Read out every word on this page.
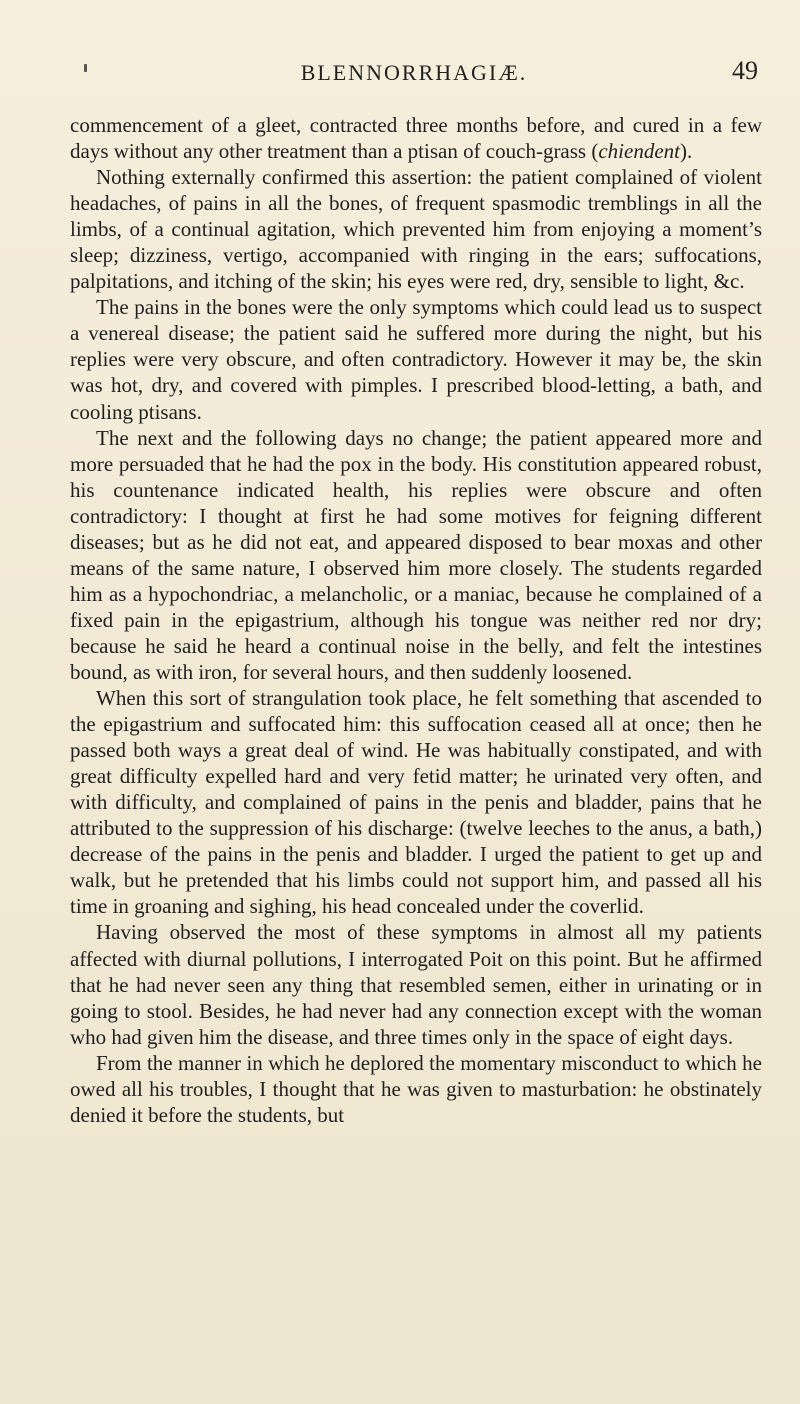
BLENNORRHAGIÆ.	49

commencement of a gleet, contracted three months before, and cured in a few days without any other treatment than a ptisan of couch-grass (chiendent).

Nothing externally confirmed this assertion: the patient complained of violent headaches, of pains in all the bones, of frequent spasmodic tremblings in all the limbs, of a continual agitation, which prevented him from enjoying a moment’s sleep; dizziness, vertigo, accompanied with ringing in the ears; suffocations, palpitations, and itching of the skin; his eyes were red, dry, sensible to light, &c.

The pains in the bones were the only symptoms which could lead us to suspect a venereal disease; the patient said he suffered more during the night, but his replies were very obscure, and often contradictory. However it may be, the skin was hot, dry, and covered with pimples. I prescribed blood-letting, a bath, and cooling ptisans.

The next and the following days no change; the patient appeared more and more persuaded that he had the pox in the body. His constitution appeared robust, his countenance indicated health, his replies were obscure and often contradictory: I thought at first he had some motives for feigning different diseases; but as he did not eat, and appeared disposed to bear moxas and other means of the same nature, I observed him more closely. The students regarded him as a hypochondriac, a melancholic, or a maniac, because he complained of a fixed pain in the epigastrium, although his tongue was neither red nor dry; because he said he heard a continual noise in the belly, and felt the intestines bound, as with iron, for several hours, and then suddenly loosened.

When this sort of strangulation took place, he felt something that ascended to the epigastrium and suffocated him: this suffocation ceased all at once; then he passed both ways a great deal of wind. He was habitually constipated, and with great difficulty expelled hard and very fetid matter; he urinated very often, and with difficulty, and complained of pains in the penis and bladder, pains that he attributed to the suppression of his discharge: (twelve leeches to the anus, a bath,) decrease of the pains in the penis and bladder. I urged the patient to get up and walk, but he pretended that his limbs could not support him, and passed all his time in groaning and sighing, his head concealed under the coverlid.

Having observed the most of these symptoms in almost all my patients affected with diurnal pollutions, I interrogated Poit on this point. But he affirmed that he had never seen any thing that resembled semen, either in urinating or in going to stool. Besides, he had never had any connection except with the woman who had given him the disease, and three times only in the space of eight days.

From the manner in which he deplored the momentary misconduct to which he owed all his troubles, I thought that he was given to masturbation: he obstinately denied it before the students, but
